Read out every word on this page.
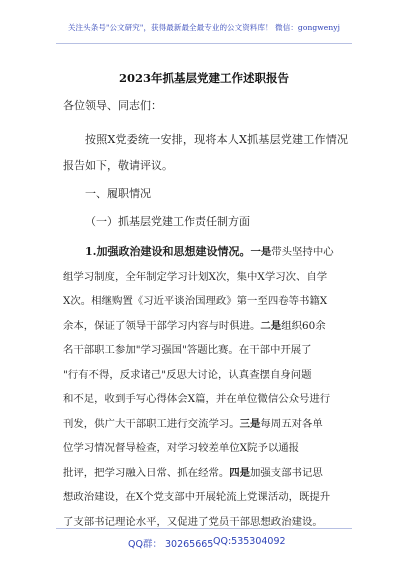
关注头条号"公文研究"，获得最新最全最专业的公文资料库！ 微信：gongwenyj
2023年抓基层党建工作述职报告
各位领导、同志们：
按照X党委统一安排，现将本人X抓基层党建工作情况报告如下，敬请评议。
一、履职情况
（一）抓基层党建工作责任制方面
1.加强政治建设和思想建设情况。一是带头坚持中心
组学习制度，全年制定学习计划X次，集中X学习次、自学
X次。相继购置《习近平谈治国理政》第一至四卷等书籍X
余本，保证了领导干部学习内容与时俱进。二是组织60余
名干部职工参加"学习强国"答题比赛。在干部中开展了
"行有不得，反求诸己"反思大讨论，认真查摆自身问题
和不足，收到手写心得体会X篇，并在单位微信公众号进行
刊发，供广大干部职工进行交流学习。三是每周五对各单
位学习情况督导检查，对学习较差单位X院予以通报
批评，把学习融入日常、抓在经常。四是加强支部书记思
想政治建设，在X个党支部中开展轮流上党课活动，既提升
了支部书记理论水平，又促进了党员干部思想政治建设。
QQ群： 30265665 QQ:535304092
